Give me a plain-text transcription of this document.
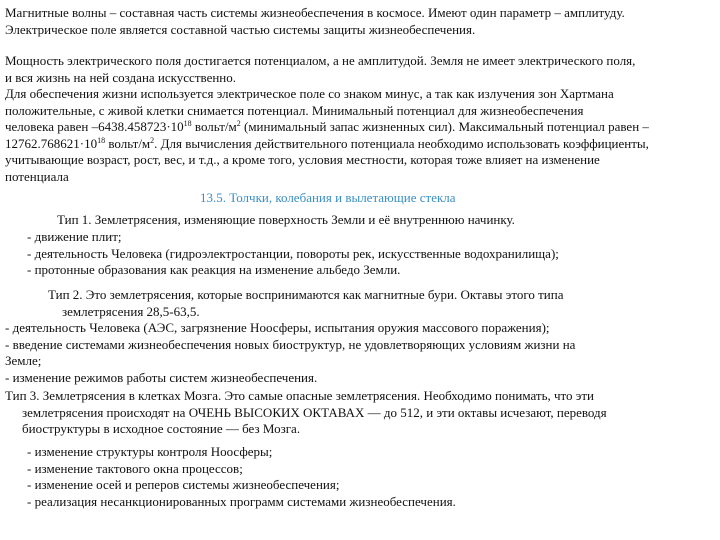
Магнитные волны – составная часть системы жизнеобеспечения в космосе. Имеют один параметр – амплитуду.
Электрическое поле является составной частью системы защиты жизнеобеспечения.
Мощность электрического поля достигается потенциалом, а не амплитудой. Земля не имеет электрического поля,
и вся жизнь на ней создана искусственно.
Для обеспечения жизни используется электрическое поле со знаком минус, а так как излучения зон Хартмана
положительные, с живой клетки снимается потенциал. Минимальный потенциал для жизнеобеспечения
человека равен $-6438.458723\cdot 10^{18}$ вольт/$м^2$ (минимальный запас жизненных сил). Максимальный потенциал равен –
$12762.768621\cdot 10^{18}$ вольт/$м^2$. Для вычисления действительного потенциала необходимо использовать коэффициенты,
учитывающие возраст, рост, вес, и т.д., а кроме того, условия местности, которая тоже влияет на изменение
потенциала
13.5. Толчки, колебания и вылетающие стекла
Тип 1. Землетрясения, изменяющие поверхность Земли и её внутреннюю начинку.
- движение плит;
- деятельность Человека (гидроэлектростанции, повороты рек, искусственные водохранилища);
- протонные образования как реакция на изменение альбедо Земли.
Тип 2. Это землетрясения, которые воспринимаются как магнитные бури. Октавы этого типа
землетрясения 28,5-63,5.
- деятельность Человека (АЭС, загрязнение Ноосферы, испытания оружия массового поражения);
- введение системами жизнеобеспечения новых биоструктур, не удовлетворяющих условиям жизни на
Земле;
- изменение режимов работы систем жизнеобеспечения.
Тип 3. Землетрясения в клетках Мозга. Это самые опасные землетрясения. Необходимо понимать, что эти
землетрясения происходят на ОЧЕНЬ ВЫСОКИХ ОКТАВАХ — до 512, и эти октавы исчезают, переводя
биоструктуры в исходное состояние — без Мозга.
- изменение структуры контроля Ноосферы;
- изменение тактового окна процессов;
- изменение осей и реперов системы жизнеобеспечения;
- реализация несанкционированных программ системами жизнеобеспечения.
